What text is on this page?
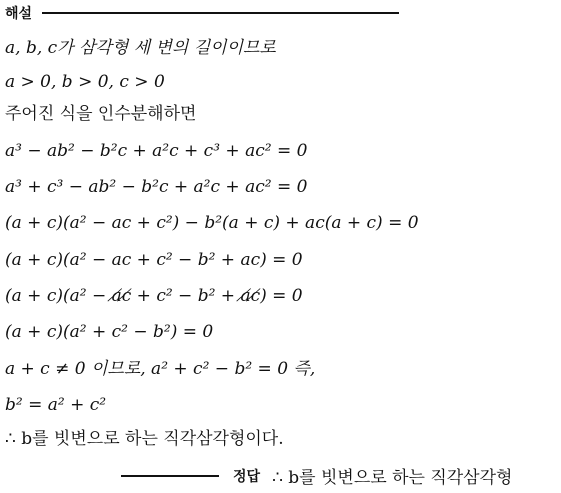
해설
a, b, c가 삼각형 세 변의 길이이므로
a > 0, b > 0, c > 0
주어진 식을 인수분해하면
a³ − ab² − b²c + a²c + c³ + ac² = 0
a³ + c³ − ab² − b²c + a²c + ac² = 0
(a + c)(a² − ac + c²) − b²(a + c) + ac(a + c) = 0
(a + c)(a² − ac + c² − b² + ac) = 0
(a + c)(a² − a̸c̸ + c² − b² + a̸c̸) = 0
(a + c)(a² + c² − b²) = 0
a + c ≠ 0 이므로, a² + c² − b² = 0 즉,
b² = a² + c²
∴ b를 빗변으로 하는 직각삼각형이다.
정답 ∴ b를 빗변으로 하는 직각삼각형
